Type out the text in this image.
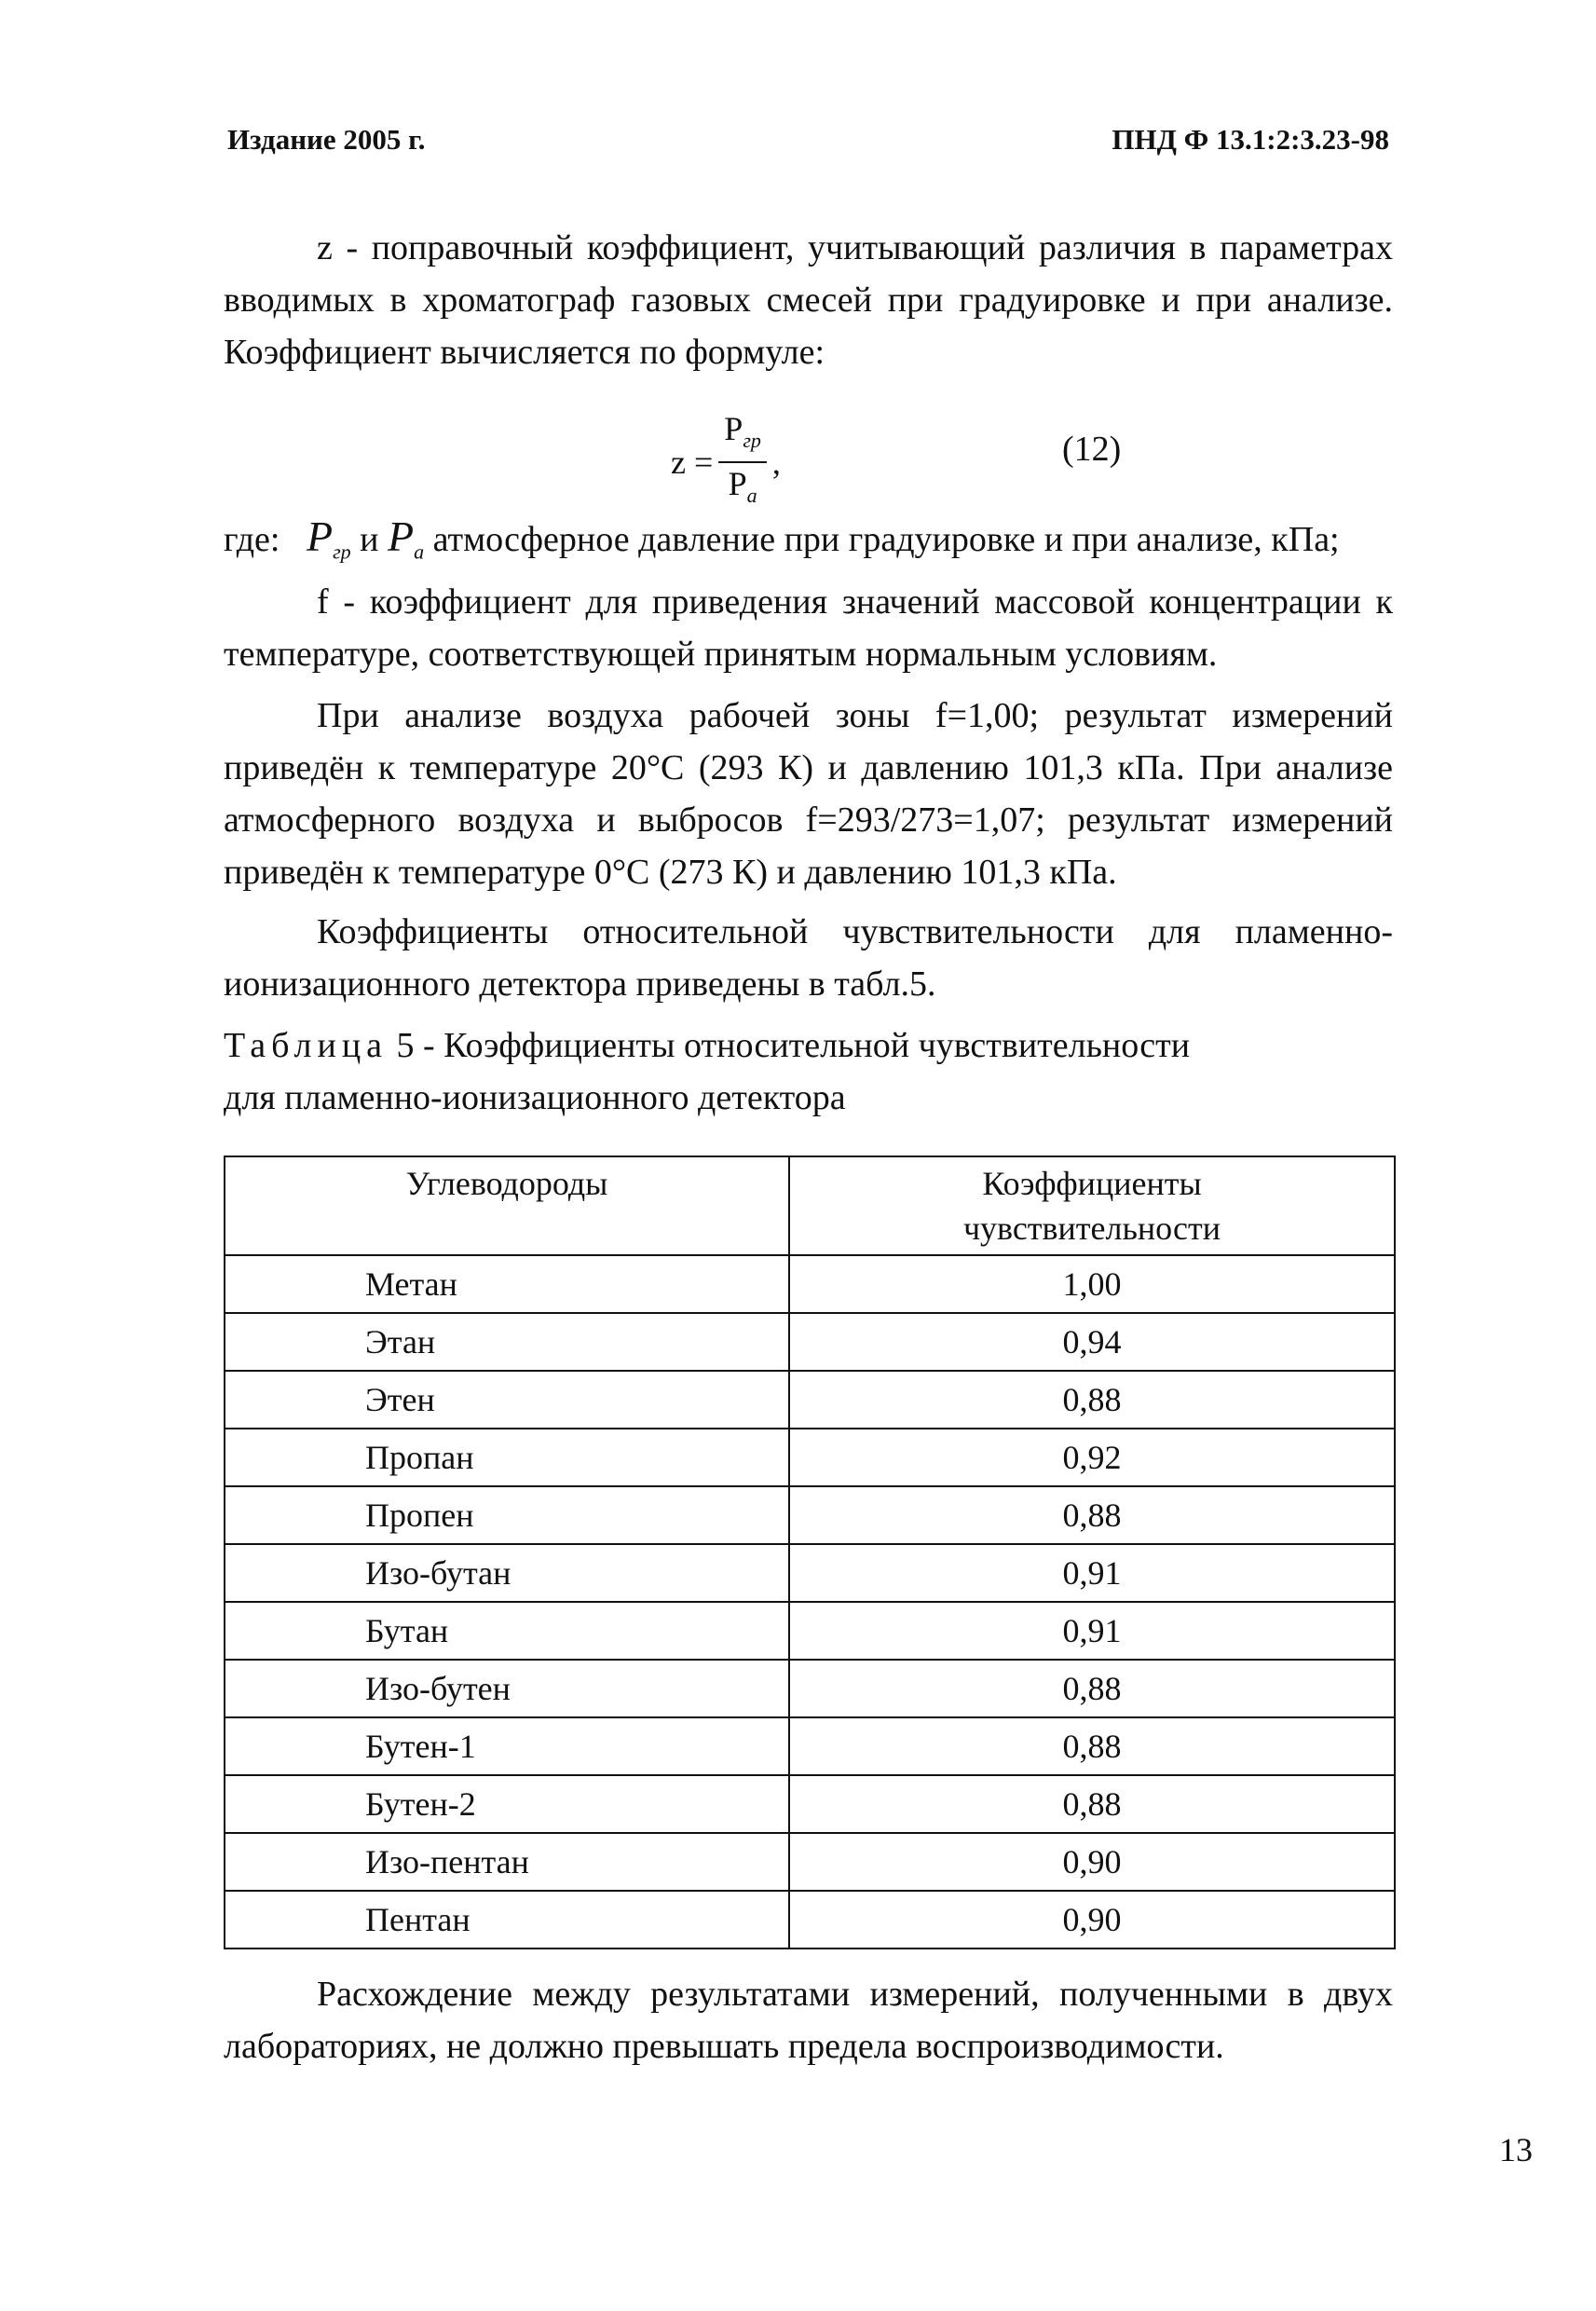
Издание 2005 г.	ПНД Ф 13.1:2:3.23-98

z - поправочный коэффициент, учитывающий различия в параметрах вводимых в хроматограф газовых смесей при градуировке и при анализе. Коэффициент вычисляется по формуле:

$z = \frac{P_{гр}}{P_а}$ ,	(12)
где: $P_{гр}$ и $P_а$ атмосферное давление при градуировке и при анализе, кПа;

f - коэффициент для приведения значений массовой концентрации к температуре, соответствующей принятым нормальным условиям.

При анализе воздуха рабочей зоны f=1,00; результат измерений приведён к температуре 20°C (293 К) и давлению 101,3 кПа. При анализе атмосферного воздуха и выбросов f=293/273=1,07; результат измерений приведён к температуре 0°C (273 К) и давлению 101,3 кПа.

Коэффициенты относительной чувствительности для пламенно-ионизационного детектора приведены в табл.5.

Таблица 5 - Коэффициенты относительной чувствительности
для пламенно-ионизационного детектора
Углеводороды	Коэффициенты чувствительности

Метан	1,00
Этан	0,94
Этен	0,88
Пропан	0,92
Пропен	0,88
Изо-бутан	0,91
Бутан	0,91
Изо-бутен	0,88
Бутен-1	0,88
Бутен-2	0,88
Изо-пентан	0,90
Пентан	0,90

Расхождение между результатами измерений, полученными в двух лабораториях, не должно превышать предела воспроизводимости.

13
